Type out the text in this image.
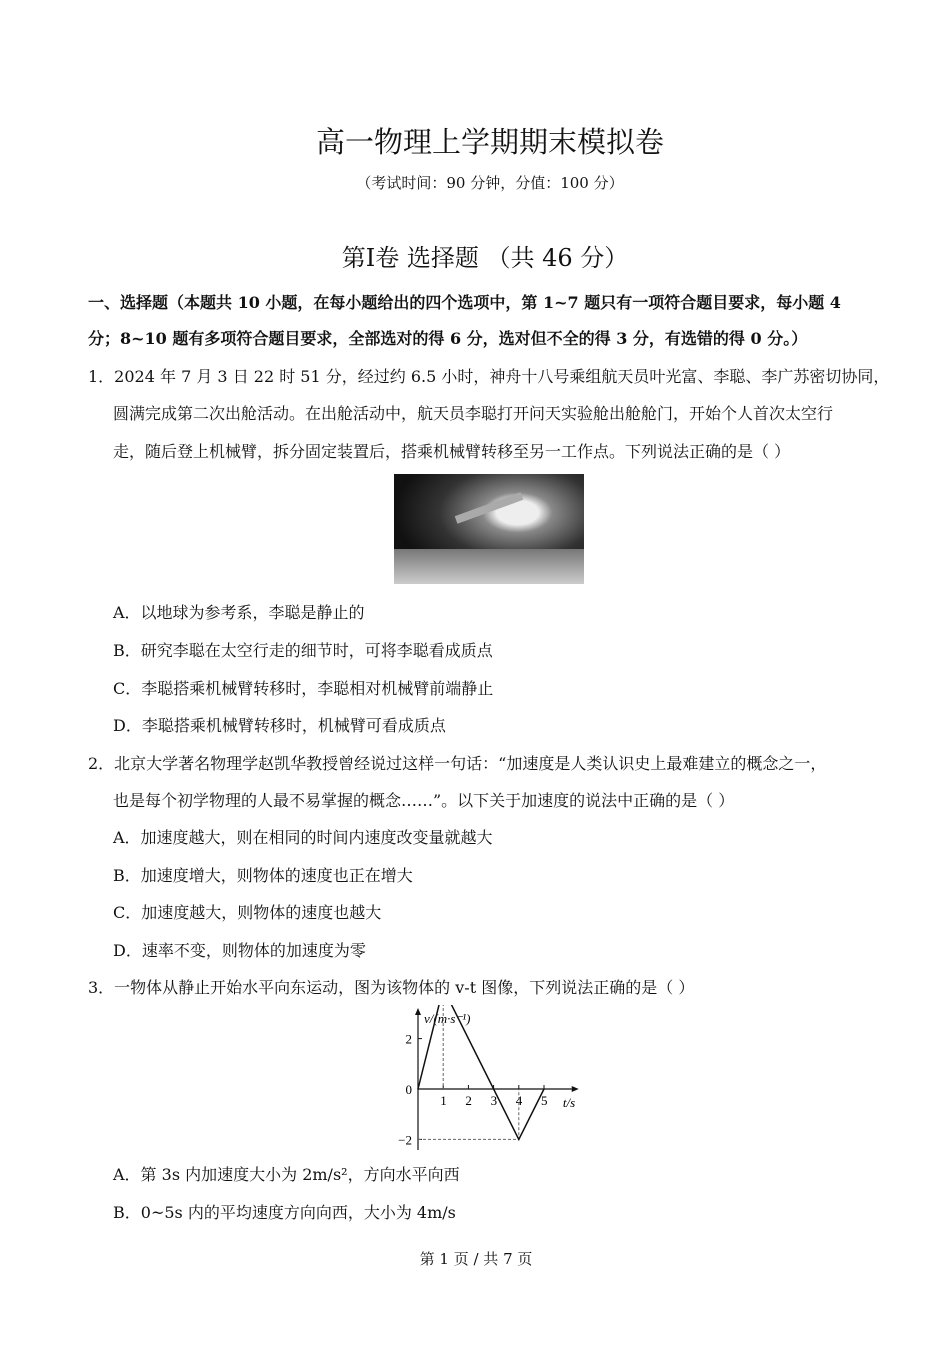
高一物理上学期期末模拟卷
（考试时间：90 分钟，分值：100 分）
第I卷 选择题 （共 46 分）
一、选择题（本题共 10 小题，在每小题给出的四个选项中，第 1~7 题只有一项符合题目要求，每小题 4
分；8~10 题有多项符合题目要求，全部选对的得 6 分，选对但不全的得 3 分，有选错的得 0 分。）
1．2024 年 7 月 3 日 22 时 51 分，经过约 6.5 小时，神舟十八号乘组航天员叶光富、李聪、李广苏密切协同，
圆满完成第二次出舱活动。在出舱活动中，航天员李聪打开问天实验舱出舱舱门，开始个人首次太空行
走，随后登上机械臂，拆分固定装置后，搭乘机械臂转移至另一工作点。下列说法正确的是（ ）
A．以地球为参考系，李聪是静止的
B．研究李聪在太空行走的细节时，可将李聪看成质点
C．李聪搭乘机械臂转移时，李聪相对机械臂前端静止
D．李聪搭乘机械臂转移时，机械臂可看成质点
2．北京大学著名物理学赵凯华教授曾经说过这样一句话：“加速度是人类认识史上最难建立的概念之一，
也是每个初学物理的人最不易掌握的概念……”。以下关于加速度的说法中正确的是（ ）
A．加速度越大，则在相同的时间内速度改变量就越大
B．加速度增大，则物体的速度也正在增大
C．加速度越大，则物体的速度也越大
D．速率不变，则物体的加速度为零
3．一物体从静止开始水平向东运动，图为该物体的 v-t 图像，下列说法正确的是（ ）
v/(m·s⁻¹)
t/s
1 2 3 4 5
2
0
−2
A．第 3s 内加速度大小为 2m/s²，方向水平向西
B．0~5s 内的平均速度方向向西，大小为 4m/s
第 1 页 / 共 7 页
